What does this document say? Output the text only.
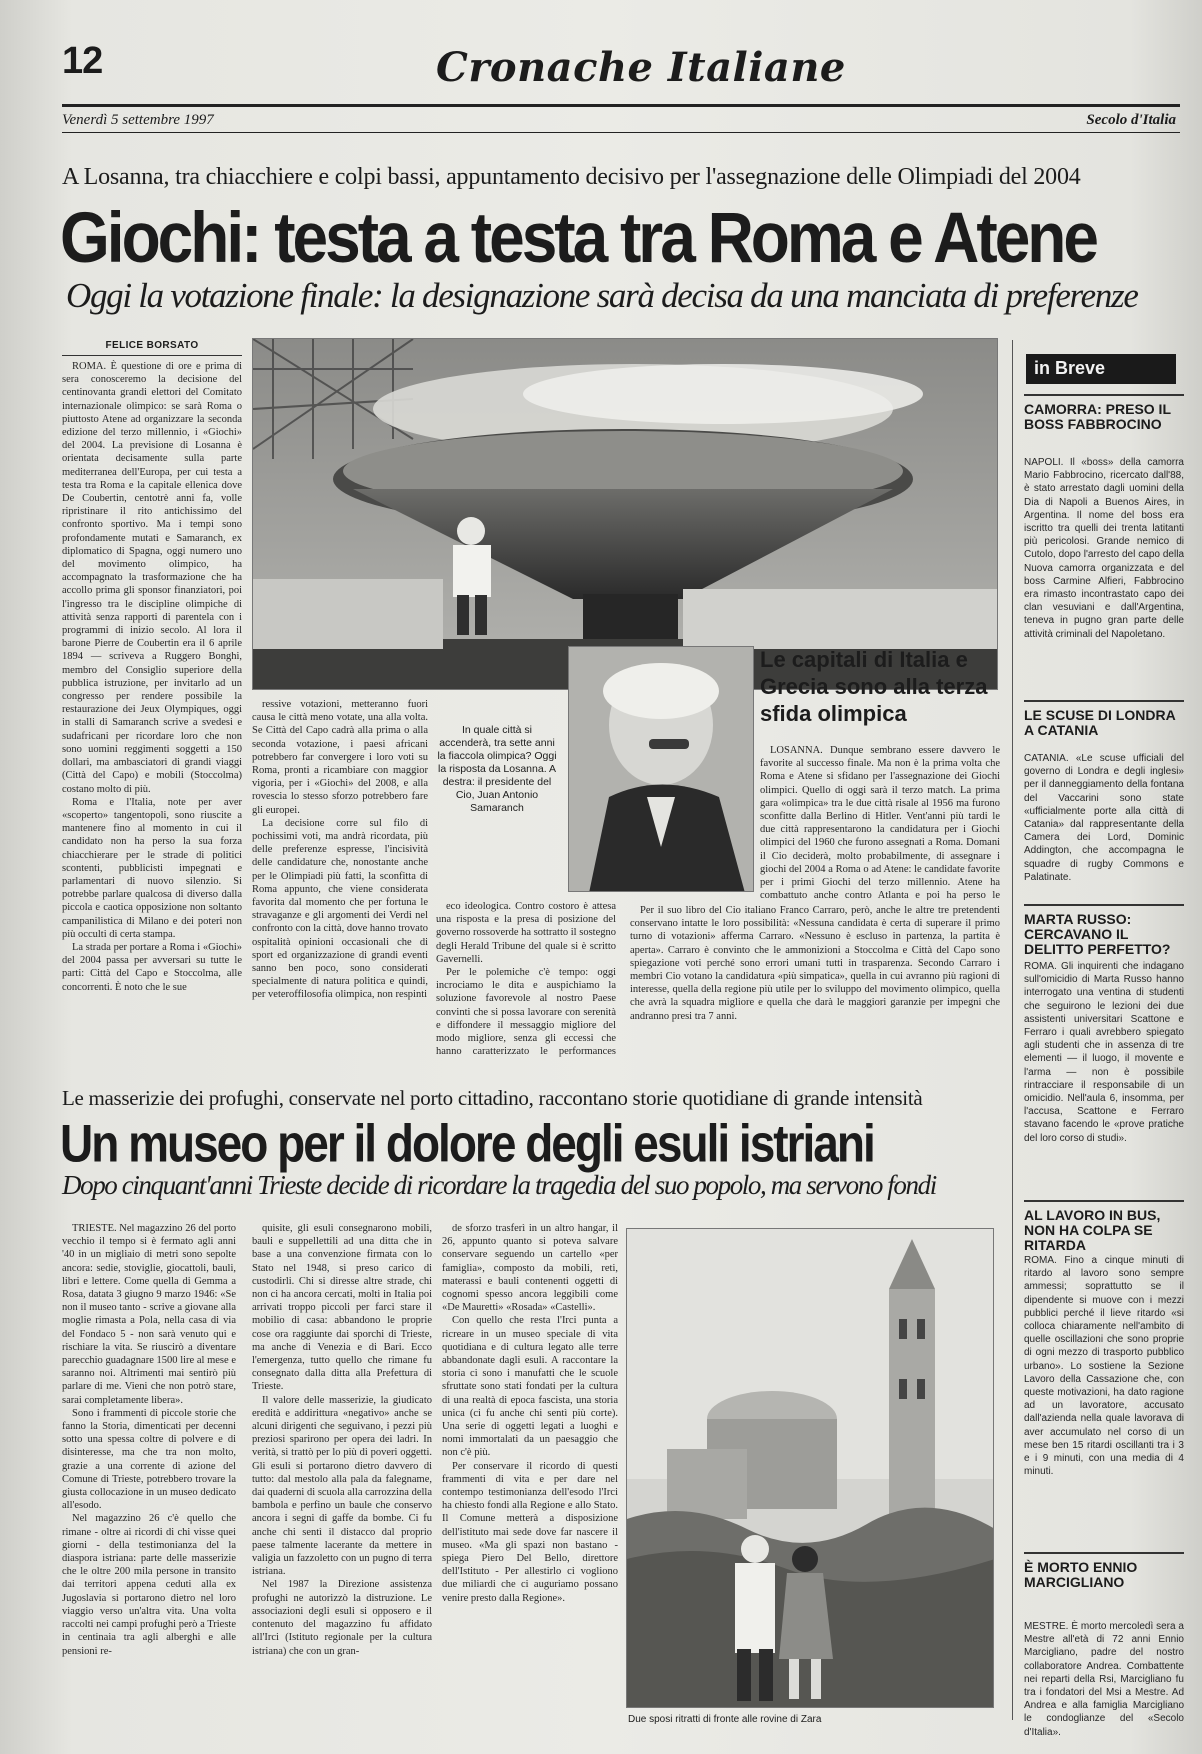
12	Cronache Italiane
Venerdì 5 settembre 1997	Secolo d'Italia
A Losanna, tra chiacchiere e colpi bassi, appuntamento decisivo per l'assegnazione delle Olimpiadi del 2004
Giochi: testa a testa tra Roma e Atene
Oggi la votazione finale: la designazione sarà decisa da una manciata di preferenze
FELICE BORSATO

ROMA. È questione di ore e prima di sera conosceremo la decisione del centinovanta grandi elettori del Comitato internazionale olimpico: se sarà Roma o piuttosto Atene ad organizzare la seconda edizione del terzo millennio, i «Giochi» del 2004. La previsione di Losanna è orientata decisamente sulla parte mediterranea dell'Europa, per cui testa a testa tra Roma e la capitale ellenica dove De Coubertin, centotrè anni fa, volle ripristinare il rito antichissimo del confronto sportivo. Ma i tempi sono profondamente mutati e Samaranch, ex diplomatico di Spagna, oggi numero uno del movimento olimpico, ha accompagnato la trasformazione che ha accollo prima gli sponsor finanziatori, poi l'ingresso tra le discipline olimpiche di attività senza rapporti di parentela con i programmi di inizio secolo. Al lora il barone Pierre de Coubertin era il 6 aprile 1894 — scriveva a Ruggero Bonghi, membro del Consiglio superiore della pubblica istruzione, per invitarlo ad un congresso per rendere possibile la restaurazione dei Jeux Olympiques, oggi in stalli di Samaranch scrive a svedesi e sudafricani per ricordare loro che non sono uomini reggimenti soggetti a 150 dollari, ma ambasciatori di grandi viaggi (Città del Capo) e mobili (Stoccolma) costano molto di più.

Roma e l'Italia, note per aver «scoperto» tangentopoli, sono riuscite a mantenere fino al momento in cui il candidato non ha perso la sua forza chiacchierare per le strade di politici scontenti, pubblicisti impegnati e parlamentari di nuovo silenzio. Si potrebbe parlare qualcosa di diverso dalla piccola e caotica opposizione non soltanto campanilistica di Milano e dei poteri non più occulti di certa stampa.

La strada per portare a Roma i «Giochi» del 2004 passa per avversari su tutte le parti: Città del Capo e Stoccolma, alle concorrenti. È noto che le sue

In quale città si accenderà, tra sette anni la fiaccola olimpica? Oggi la risposta da Losanna. A destra: il presidente del Cio, Juan Antonio Samaranch

ressive votazioni, metteranno fuori causa le città meno votate, una alla volta. Se Città del Capo cadrà alla prima o alla seconda votazione, i paesi africani potrebbero far convergere i loro voti su Roma, pronti a ricambiare con maggior vigoria, per i «Giochi» del 2008, e alla rovescia lo stesso sforzo potrebbero fare gli europei.

La decisione corre sul filo di pochissimi voti, ma andrà ricordata, più delle preferenze espresse, l'incisività delle candidature che, nonostante anche per le Olimpiadi più fatti, la sconfitta di Roma appunto, che viene considerata favorita dal momento che per fortuna le stravaganze e gli argomenti dei Verdi nel confronto con la città, dove hanno trovato ospitalità opinioni occasionali che di sport ed organizzazione di grandi eventi sanno ben poco, sono considerati specialmente di natura politica e quindi, per veteroffilosofia olimpica, non respinti

eco ideologica. Contro costoro è attesa una risposta e la presa di posizione del governo rossoverde ha sottratto il sostegno degli Herald Tribune del quale si è scritto Gavernelli.

Per le polemiche c'è tempo: oggi incrociamo le dita e auspichiamo la soluzione favorevole al nostro Paese convinti che si possa lavorare con serenità e diffondere il messaggio migliore del modo migliore, senza gli eccessi che hanno caratterizzato le performances

Le capitali di Italia e Grecia sono alla terza sfida olimpica

LOSANNA. Dunque sembrano essere davvero le favorite al successo finale. Ma non è la prima volta che Roma e Atene si sfidano per l'assegnazione dei Giochi olimpici. Quello di oggi sarà il terzo match. La prima gara «olimpica» tra le due città risale al 1956 ma furono sconfitte dalla Berlino di Hitler. Vent'anni più tardi le due città rappresentarono la candidatura per i Giochi olimpici del 1960 che furono assegnati a Roma. Domani il Cio deciderà, molto probabilmente, di assegnare i giochi del 2004 a Roma o ad Atene: le candidate favorite per i primi Giochi del terzo millennio. Atene ha combattuto anche contro Atlanta e poi ha perso le

Per il suo libro del Cio italiano Franco Carraro, però, anche le altre tre pretendenti conservano intatte le loro possibilità: «Nessuna candidata è certa di superare il primo turno di votazioni» afferma Carraro. «Nessuno è escluso in partenza, la partita è aperta». Carraro è convinto che le ammonizioni a Stoccolma e Città del Capo sono spiegazione voti perché sono errori umani tutti in trasparenza. Secondo Carraro i membri Cio votano la candidatura «più simpatica», quella in cui avranno più ragioni di interesse, quella della regione più utile per lo sviluppo del movimento olimpico, quella che avrà la squadra migliore e quella che darà le maggiori garanzie per impegni che andranno presi tra 7 anni.

Le masserizie dei profughi, conservate nel porto cittadino, raccontano storie quotidiane di grande intensità
Un museo per il dolore degli esuli istriani
Dopo cinquant'anni Trieste decide di ricordare la tragedia del suo popolo, ma servono fondi

TRIESTE. Nel magazzino 26 del porto vecchio il tempo si è fermato agli anni '40 in un migliaio di metri sono sepolte ancora: sedie, stoviglie, giocattoli, bauli, libri e lettere. Come quella di Gemma a Rosa, datata 3 giugno 9 marzo 1946: «Se non il museo tanto - scrive a giovane alla moglie rimasta a Pola, nella casa di via del Fondaco 5 - non sarà venuto qui e rischiare la vita. Se riuscirò a diventare parecchio guadagnare 1500 lire al mese e saranno noi. Altrimenti mai sentirò più parlare di me. Vieni che non potrò stare, sarai completamente libera».

Sono i frammenti di piccole storie che fanno la Storia, dimenticati per decenni sotto una spessa coltre di polvere e di disinteresse, ma che tra non molto, grazie a una corrente di azione del Comune di Trieste, potrebbero trovare la giusta collocazione in un museo dedicato all'esodo.

Nel magazzino 26 c'è quello che rimane - oltre ai ricordi di chi visse quei giorni - della testimonianza del la diaspora istriana: parte delle masserizie che le oltre 200 mila persone in transito dai territori appena ceduti alla ex Jugoslavia si portarono dietro nel loro viaggio verso un'altra vita. Una volta raccolti nei campi profughi però a Trieste in centinaia tra agli alberghi e alle pensioni re-

quisite, gli esuli consegnarono mobili, bauli e suppellettili ad una ditta che in base a una convenzione firmata con lo Stato nel 1948, si preso carico di custodirli. Chi si diresse altre strade, chi non ci ha ancora cercati, molti in Italia poi arrivati troppo piccoli per farci stare il mobilio di casa: abbandono le proprie cose ora raggiunte dai sporchi di Trieste, ma anche di Venezia e di Bari. Ecco l'emergenza, tutto quello che rimane fu consegnato dalla ditta alla Prefettura di Trieste.

Il valore delle masserizie, la giudicato eredità e addirittura «negativo» anche se alcuni dirigenti che seguivano, i pezzi più preziosi sparirono per opera dei ladri. In verità, si trattò per lo più di poveri oggetti. Gli esuli si portarono dietro davvero di tutto: dal mestolo alla pala da falegname, dai quaderni di scuola alla carrozzina della bambola e perfino un baule che conservo ancora i segni di gaffe da bombe. Ci fu anche chi sentì il distacco dal proprio paese talmente lacerante da mettere in valigia un fazzoletto con un pugno di terra istriana.

Nel 1987 la Direzione assistenza profughi ne autorizzò la distruzione. Le associazioni degli esuli si opposero e il contenuto del magazzino fu affidato all'Irci (Istituto regionale per la cultura istriana) che con un gran-

de sforzo trasferì in un altro hangar, il 26, appunto quanto si poteva salvare conservare seguendo un cartello «per famiglia», composto da mobili, reti, materassi e bauli contenenti oggetti di cognomi spesso ancora leggibili come «De Mauretti» «Rosada» «Castelli».

Con quello che resta l'Irci punta a ricreare in un museo speciale di vita quotidiana e di cultura legato alle terre abbandonate dagli esuli. A raccontare la storia ci sono i manufatti che le scuole sfruttate sono stati fondati per la cultura di una realtà di epoca fascista, una storia unica (ci fu anche chi sentì più corte). Una serie di oggetti legati a luoghi e nomi immortalati da un paesaggio che non c'è più.

Per conservare il ricordo di questi frammenti di vita e per dare nel contempo testimonianza dell'esodo l'Irci ha chiesto fondi alla Regione e allo Stato. Il Comune metterà a disposizione dell'istituto mai sede dove far nascere il museo. «Ma gli spazi non bastano - spiega Piero Del Bello, direttore dell'Istituto - Per allestirlo ci vogliono due miliardi che ci auguriamo possano venire presto dalla Regione».

Due sposi ritratti di fronte alle rovine di Zara
in Breve
CAMORRA: PRESO IL BOSS FABBROCINO
NAPOLI. Il «boss» della camorra Mario Fabbrocino, ricercato dall'88, è stato arrestato dagli uomini della Dia di Napoli a Buenos Aires, in Argentina. Il nome del boss era iscritto tra quelli dei trenta latitanti più pericolosi. Grande nemico di Cutolo, dopo l'arresto del capo della Nuova camorra organizzata e del boss Carmine Alfieri, Fabbrocino era rimasto incontrastato capo dei clan vesuviani e dall'Argentina, teneva in pugno gran parte delle attività criminali del Napoletano.
LE SCUSE DI LONDRA A CATANIA
CATANIA. «Le scuse ufficiali del governo di Londra e degli inglesi» per il danneggiamento della fontana del Vaccarini sono state «ufficialmente porte alla città di Catania» dal rappresentante della Camera dei Lord, Dominic Addington, che accompagna le squadre di rugby Commons e Palatinate.
MARTA RUSSO: CERCAVANO IL DELITTO PERFETTO?
ROMA. Gli inquirenti che indagano sull'omicidio di Marta Russo hanno interrogato una ventina di studenti che seguirono le lezioni dei due assistenti universitari Scattone e Ferraro i quali avrebbero spiegato agli studenti che in assenza di tre elementi — il luogo, il movente e l'arma — non è possibile rintracciare il responsabile di un omicidio. Nell'aula 6, insomma, per l'accusa, Scattone e Ferraro stavano facendo le «prove pratiche del loro corso di studi».
AL LAVORO IN BUS, NON HA COLPA SE RITARDA
ROMA. Fino a cinque minuti di ritardo al lavoro sono sempre ammessi; soprattutto se il dipendente si muove con i mezzi pubblici perché il lieve ritardo «si colloca chiaramente nell'ambito di quelle oscillazioni che sono proprie di ogni mezzo di trasporto pubblico urbano». Lo sostiene la Sezione Lavoro della Cassazione che, con queste motivazioni, ha dato ragione ad un lavoratore, accusato dall'azienda nella quale lavorava di aver accumulato nel corso di un mese ben 15 ritardi oscillanti tra i 3 e i 9 minuti, con una media di 4 minuti.
È MORTO ENNIO MARCIGLIANO
MESTRE. È morto mercoledì sera a Mestre all'età di 72 anni Ennio Marcigliano, padre del nostro collaboratore Andrea. Combattente nei reparti della Rsi, Marcigliano fu tra i fondatori del Msi a Mestre. Ad Andrea e alla famiglia Marcigliano le condoglianze del «Secolo d'Italia».
